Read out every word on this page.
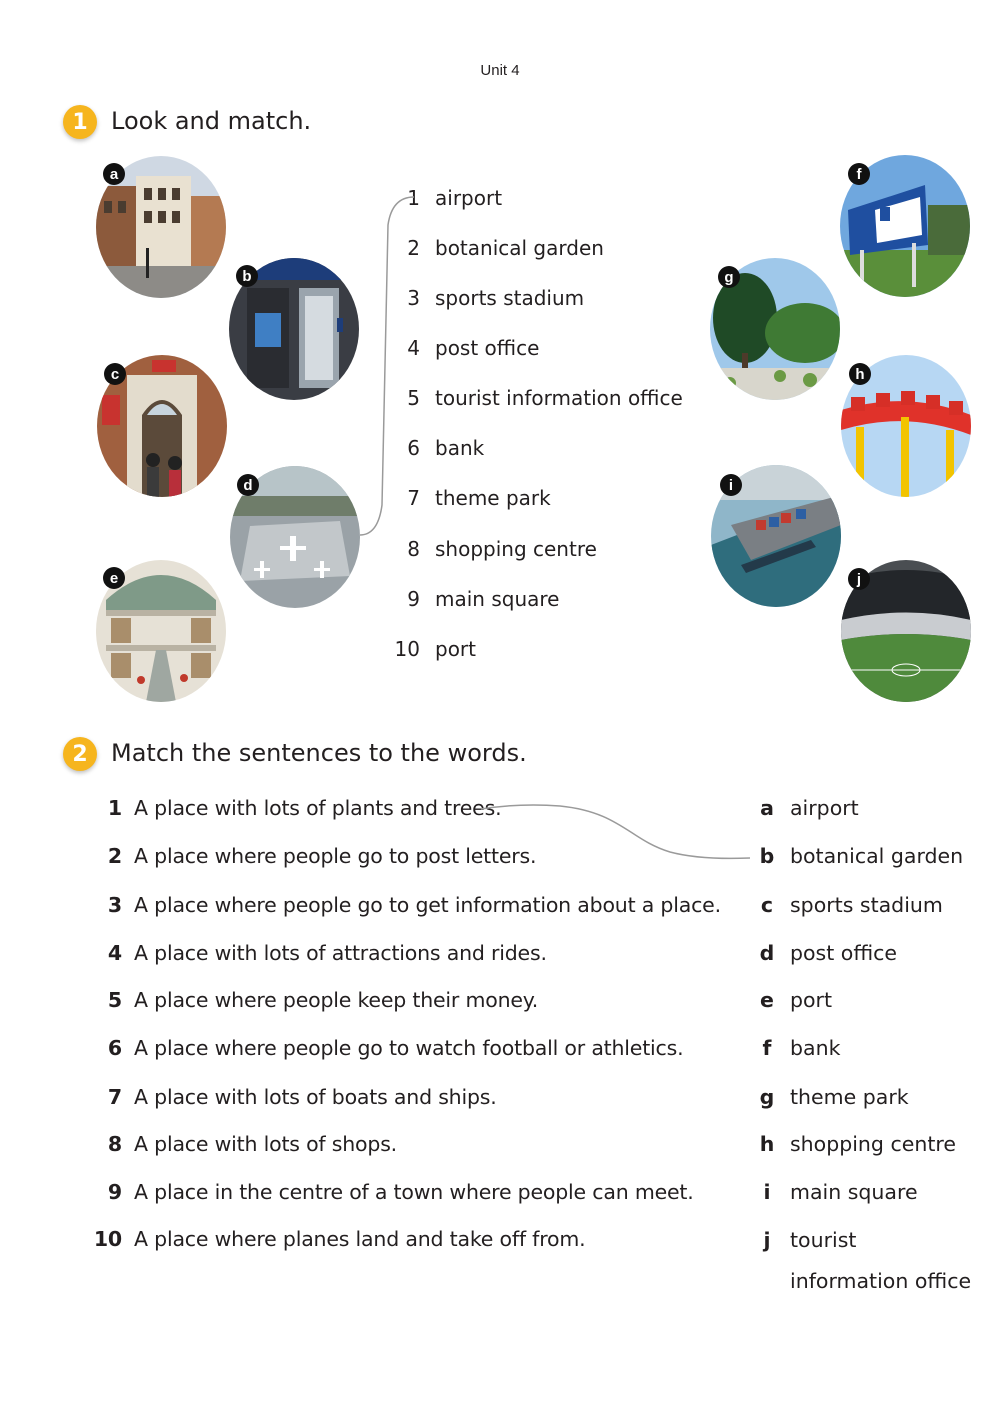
Unit 4
1 Look and match.
a
b
c
d
e
f
g
h
i
j
1 airport
2 botanical garden
3 sports stadium
4 post office
5 tourist information office
6 bank
7 theme park
8 shopping centre
9 main square
10 port
2 Match the sentences to the words.
1 A place with lots of plants and trees.
2 A place where people go to post letters.
3 A place where people go to get information about a place.
4 A place with lots of attractions and rides.
5 A place where people keep their money.
6 A place where people go to watch football or athletics.
7 A place with lots of boats and ships.
8 A place with lots of shops.
9 A place in the centre of a town where people can meet.
10 A place where planes land and take off from.
a airport
b botanical garden
c sports stadium
d post office
e port
f bank
g theme park
h shopping centre
i main square
j tourist
information office
